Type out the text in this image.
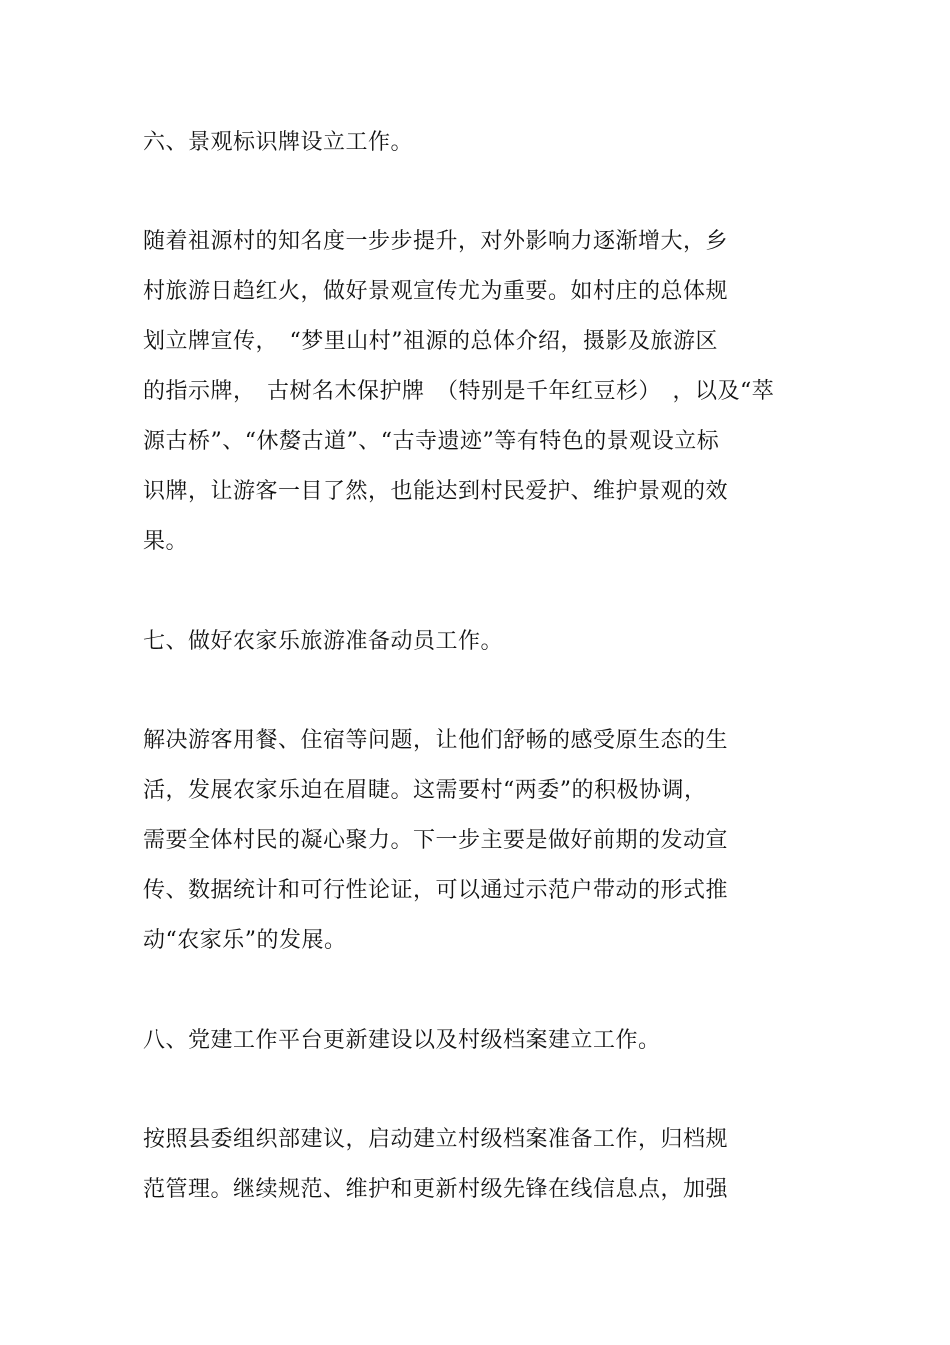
六、景观标识牌设立工作。
随着祖源村的知名度一步步提升，对外影响力逐渐增大，乡
村旅游日趋红火，做好景观宣传尤为重要。如村庄的总体规
划立牌宣传，　“梦里山村”祖源的总体介绍，摄影及旅游区
的指示牌，　古树名木保护牌　（特别是千年红豆杉）　，以及“萃
源古桥”、“休嫠古道”、“古寺遗迹”等有特色的景观设立标
识牌，让游客一目了然，也能达到村民爱护、维护景观的效
果。
七、做好农家乐旅游准备动员工作。
解决游客用餐、住宿等问题，让他们舒畅的感受原生态的生
活，发展农家乐迫在眉睫。这需要村“两委”的积极协调，
需要全体村民的凝心聚力。下一步主要是做好前期的发动宣
传、数据统计和可行性论证，可以通过示范户带动的形式推
动“农家乐”的发展。
八、党建工作平台更新建设以及村级档案建立工作。
按照县委组织部建议，启动建立村级档案准备工作，归档规
范管理。继续规范、维护和更新村级先锋在线信息点，加强
